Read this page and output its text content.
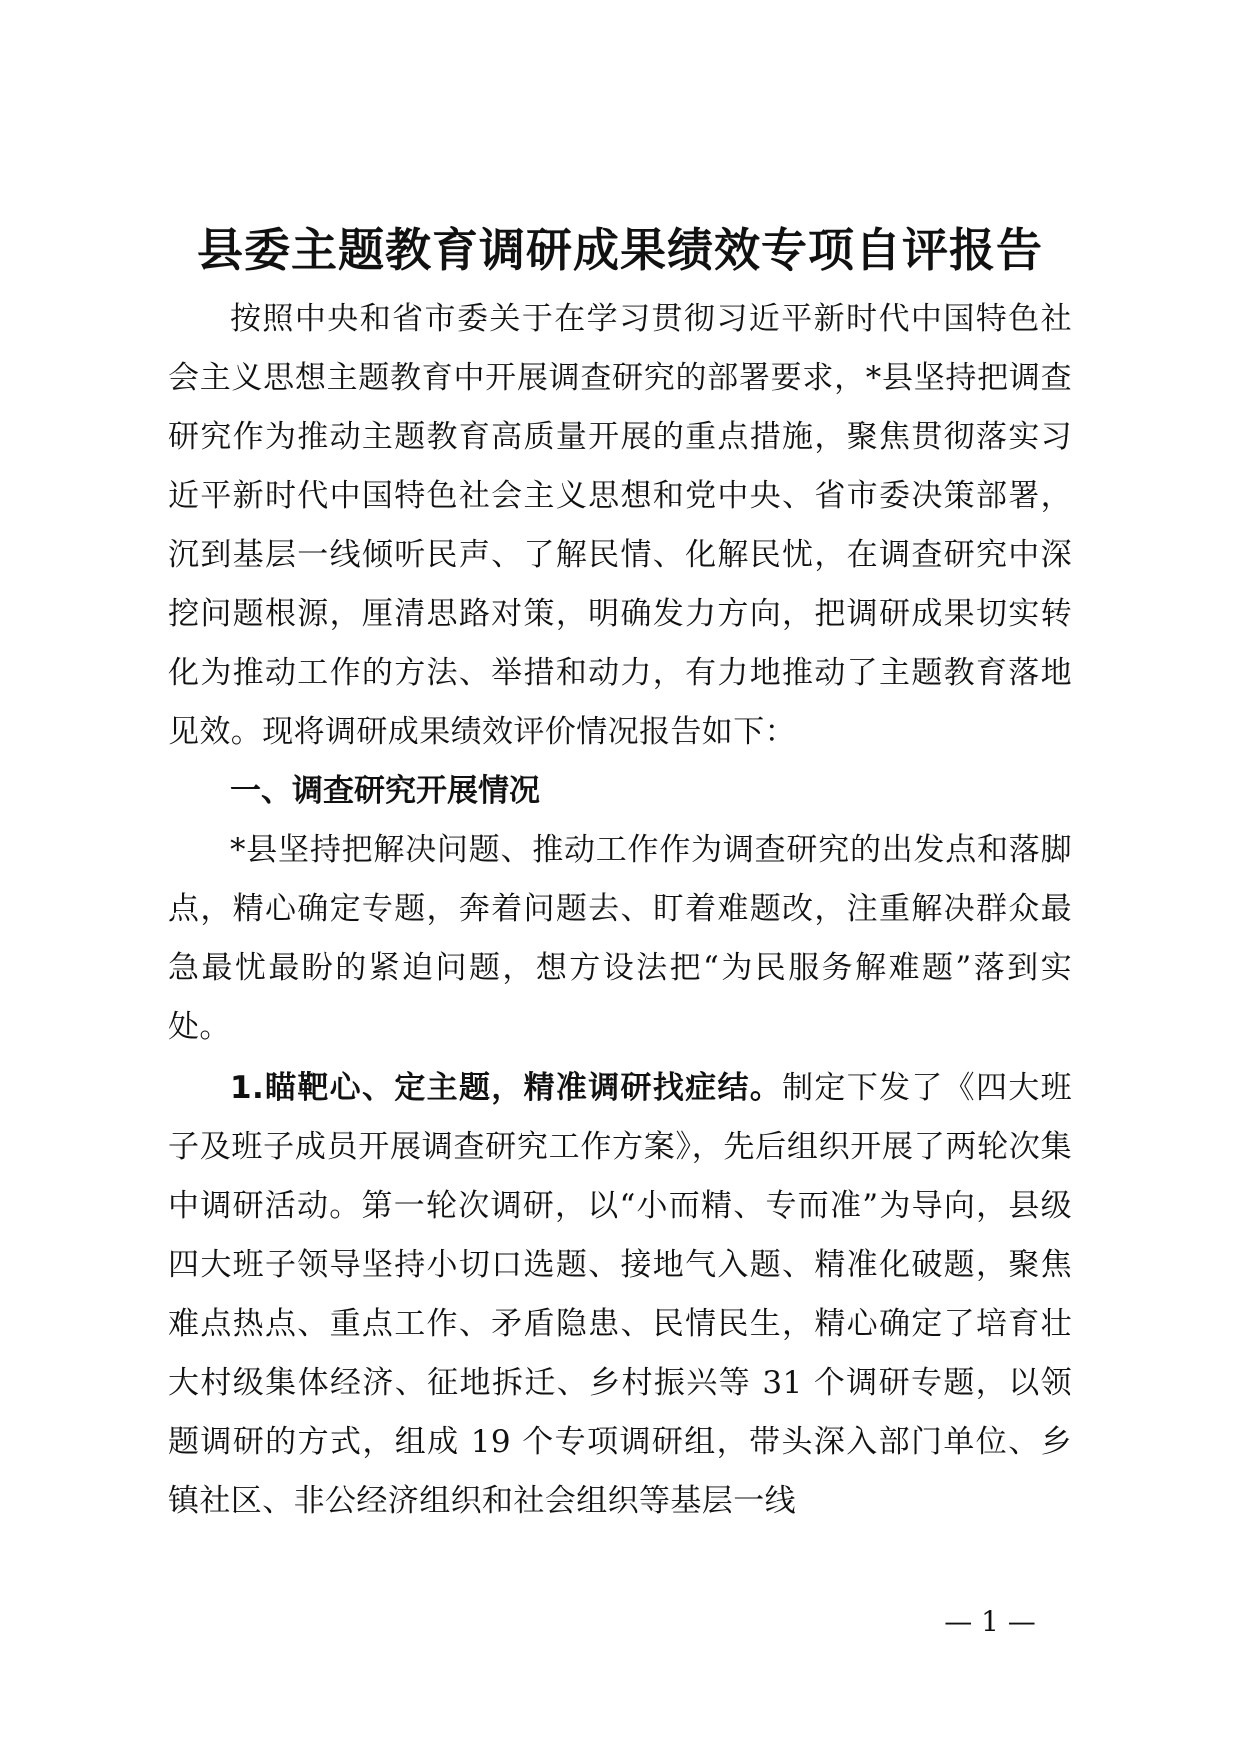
县委主题教育调研成果绩效专项自评报告

按照中央和省市委关于在学习贯彻习近平新时代中国特色社会主义思想主题教育中开展调查研究的部署要求，*县坚持把调查研究作为推动主题教育高质量开展的重点措施，聚焦贯彻落实习近平新时代中国特色社会主义思想和党中央、省市委决策部署，沉到基层一线倾听民声、了解民情、化解民忧，在调查研究中深挖问题根源，厘清思路对策，明确发力方向，把调研成果切实转化为推动工作的方法、举措和动力，有力地推动了主题教育落地见效。现将调研成果绩效评价情况报告如下：

一、调查研究开展情况

*县坚持把解决问题、推动工作作为调查研究的出发点和落脚点，精心确定专题，奔着问题去、盯着难题改，注重解决群众最急最忧最盼的紧迫问题，想方设法把“为民服务解难题”落到实处。

1.瞄靶心、定主题，精准调研找症结。制定下发了《四大班子及班子成员开展调查研究工作方案》，先后组织开展了两轮次集中调研活动。第一轮次调研，以“小而精、专而准”为导向，县级四大班子领导坚持小切口选题、接地气入题、精准化破题，聚焦难点热点、重点工作、矛盾隐患、民情民生，精心确定了培育壮大村级集体经济、征地拆迁、乡村振兴等 31 个调研专题，以领题调研的方式，组成 19 个专项调研组，带头深入部门单位、乡镇社区、非公经济组织和社会组织等基层一线

— 1 —
